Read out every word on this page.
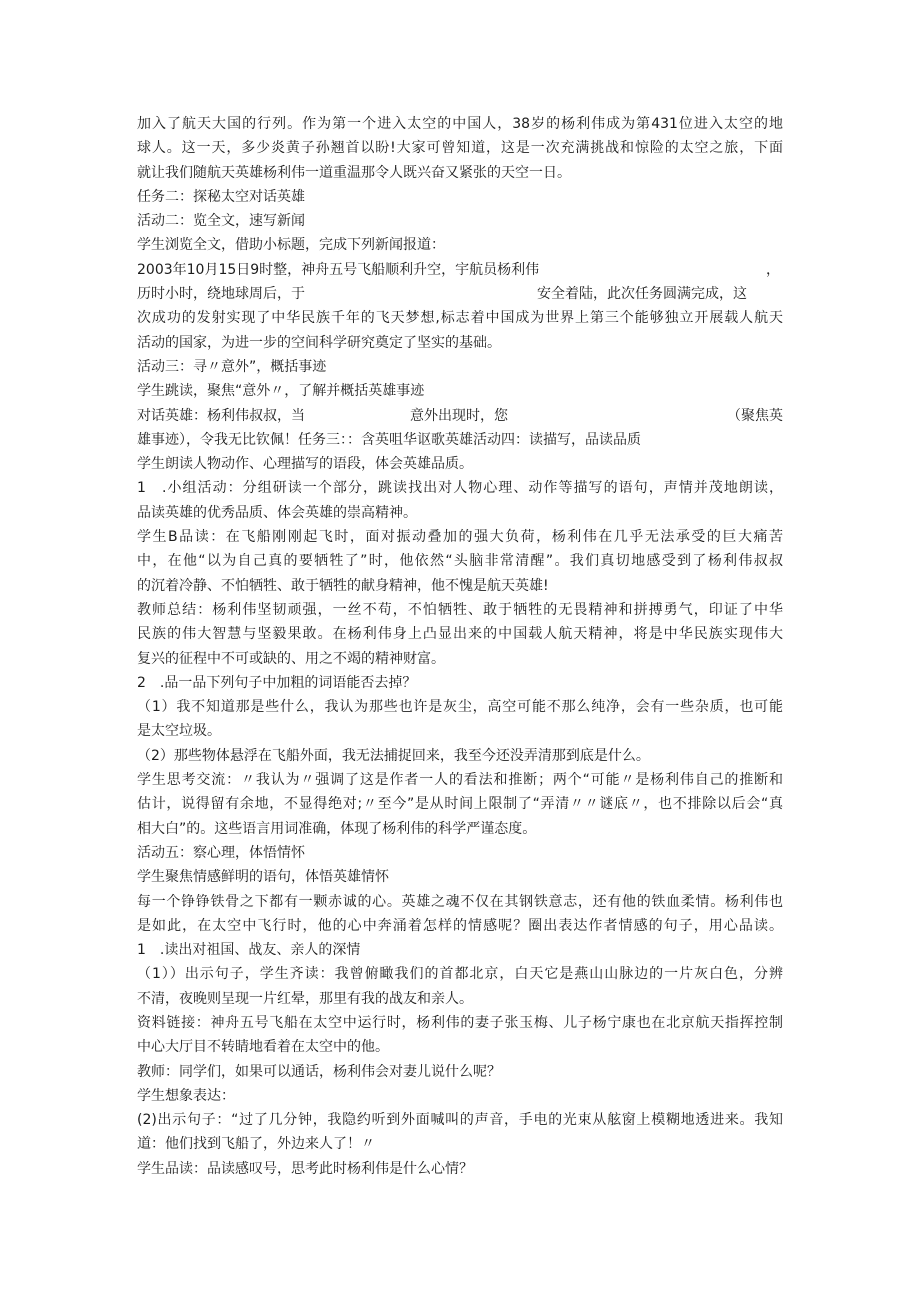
加入了航天大国的行列。作为第一个进入太空的中国人，38岁的杨利伟成为第431位进入太空的地
球人。这一天，多少炎黄子孙翘首以盼!大家可曾知道，这是一次充满挑战和惊险的太空之旅，下面
就让我们随航天英雄杨利伟一道重温那令人既兴奋又紧张的天空一日。
任务二：探秘太空对话英雄
活动二：览全文，速写新闻
学生浏览全文，借助小标题，完成下列新闻报道：
2003年10月15日9时整，神舟五号飞船顺利升空，宇航员杨利伟	，
历时小时，绕地球周后，于	安全着陆，此次任务圆满完成，这
次成功的发射实现了中华民族千年的飞天梦想,标志着中国成为世界上第三个能够独立开展载人航天
活动的国家，为进一步的空间科学研究奠定了坚实的基础。
活动三：寻〃意外”，概括事迹
学生跳读，聚焦“意外〃，了解并概括英雄事迹
对话英雄：杨利伟叔叔，当	意外出现时，您	（聚焦英
雄事迹），令我无比钦佩！任务三：：含英咀华讴歌英雄活动四：读描写，品读品质
学生朗读人物动作、心理描写的语段，体会英雄品质。
1　.小组活动：分组研读一个部分，跳读找出对人物心理、动作等描写的语句，声情并茂地朗读，
品读英雄的优秀品质、体会英雄的崇高精神。
学生B品读：在飞船刚刚起飞时，面对振动叠加的强大负荷，杨利伟在几乎无法承受的巨大痛苦
中，在他“以为自己真的要牺牲了”时，他依然“头脑非常清醒”。我们真切地感受到了杨利伟叔叔
的沉着冷静、不怕牺牲、敢于牺牲的献身精神，他不愧是航天英雄!
教师总结：杨利伟坚韧顽强，一丝不苟，不怕牺牲、敢于牺牲的无畏精神和拼搏勇气，印证了中华
民族的伟大智慧与坚毅果敢。在杨利伟身上凸显出来的中国载人航天精神，将是中华民族实现伟大
复兴的征程中不可或缺的、用之不竭的精神财富。
2　.品一品下列句子中加粗的词语能否去掉？
（1）我不知道那是些什么，我认为那些也许是灰尘，高空可能不那么纯净，会有一些杂质，也可能
是太空垃圾。
（2）那些物体悬浮在飞船外面，我无法捕捉回来，我至今还没弄清那到底是什么。
学生思考交流：〃我认为〃强调了这是作者一人的看法和推断；两个“可能〃是杨利伟自己的推断和
估计，说得留有余地，不显得绝对;〃至今”是从时间上限制了“弄清〃〃谜底〃，也不排除以后会“真
相大白”的。这些语言用词准确，体现了杨利伟的科学严谨态度。
活动五：察心理，体悟情怀
学生聚焦情感鲜明的语句，体悟英雄情怀
每一个铮铮铁骨之下都有一颗赤诚的心。英雄之魂不仅在其钢铁意志，还有他的铁血柔情。杨利伟也
是如此，在太空中飞行时，他的心中奔涌着怎样的情感呢？圈出表达作者情感的句子，用心品读。
1　.读出对祖国、战友、亲人的深情
（1））出示句子，学生齐读：我曾俯瞰我们的首都北京，白天它是燕山山脉边的一片灰白色，分辨
不清，夜晚则呈现一片红晕，那里有我的战友和亲人。
资料链接：神舟五号飞船在太空中运行时，杨利伟的妻子张玉梅、儿子杨宁康也在北京航天指挥控制
中心大厅目不转睛地看着在太空中的他。
教师：同学们，如果可以通话，杨利伟会对妻儿说什么呢？
学生想象表达：
(2)出示句子：“过了几分钟，我隐约听到外面喊叫的声音，手电的光束从舷窗上模糊地透进来。我知
道：他们找到飞船了，外边来人了！〃
学生品读：品读感叹号，思考此时杨利伟是什么心情？
